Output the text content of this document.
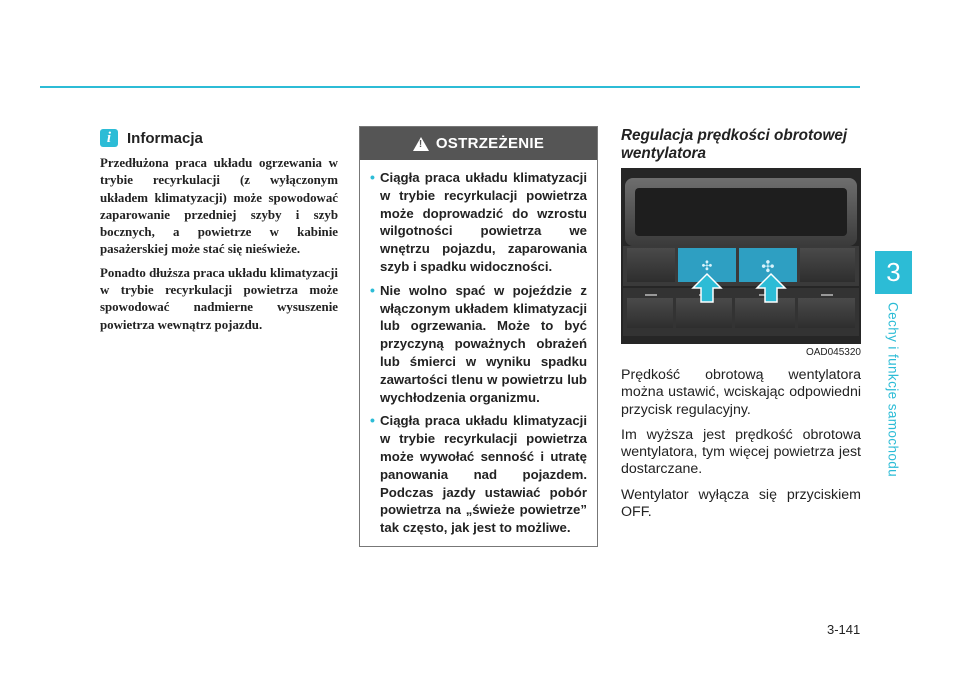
3
Cechy i funkcje samochodu
i	Informacja

Przedłużona praca układu ogrzewania w trybie recyrkulacji (z wyłączonym układem klimatyzacji) może spowodować zaparowanie przedniej szyby i szyb bocznych, a powietrze w kabinie pasażerskiej może stać się nieświeże.

Ponadto dłuższa praca układu klimatyzacji w trybie recyrkulacji powietrza może spowodować nadmierne wysuszenie powietrza wewnątrz pojazdu.

! OSTRZEŻENIE
• Ciągła praca układu klimatyzacji w trybie recyrkulacji powietrza może doprowadzić do wzrostu wilgotności powietrza we wnętrzu pojazdu, zaparowania szyb i spadku widoczności.
• Nie wolno spać w pojeździe z włączonym układem klimatyzacji lub ogrzewania. Może to być przyczyną poważnych obrażeń lub śmierci w wyniku spadku zawartości tlenu w powietrzu lub wychłodzenia organizmu.
• Ciągła praca układu klimatyzacji w trybie recyrkulacji powietrza może wywołać senność i utratę panowania nad pojazdem. Podczas jazdy ustawiać pobór powietrza na „świeże powietrze” tak często, jak jest to możliwe.
Regulacja prędkości obrotowej wentylatora
✣	✣
OAD045320

Prędkość obrotową wentylatora można ustawić, wciskając odpowiedni przycisk regulacyjny.

Im wyższa jest prędkość obrotowa wentylatora, tym więcej powietrza jest dostarczane.

Wentylator wyłącza się przyciskiem OFF.

3-141
